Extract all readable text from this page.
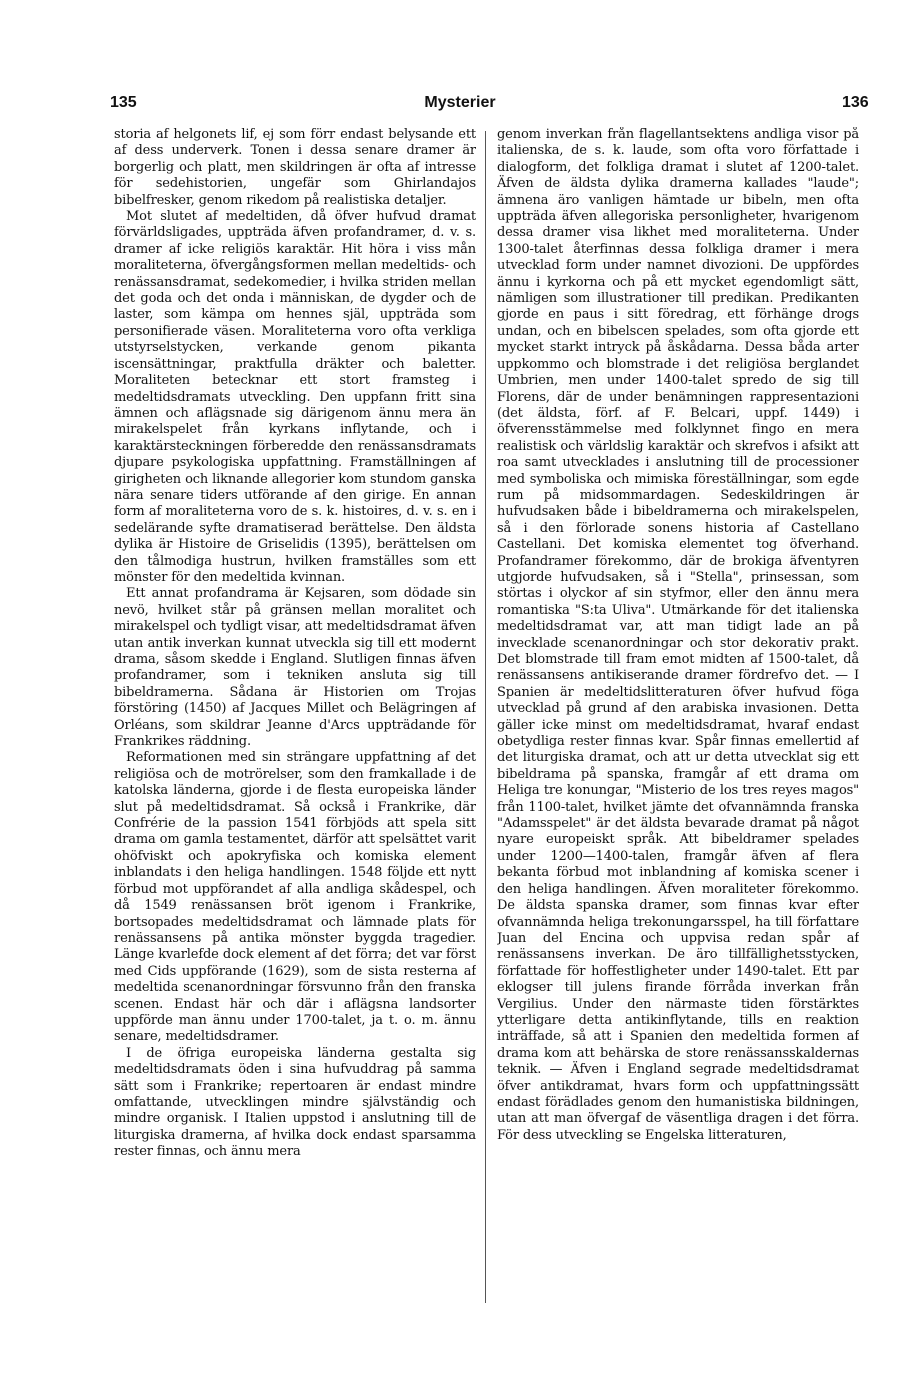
135	Mysterier	136

storia af helgonets lif, ej som förr endast belysande ett af dess underverk. Tonen i dessa senare dramer är borgerlig och platt, men skildringen är ofta af intresse för sedehistorien, ungefär som Ghirlandajos bibelfresker, genom rikedom på realistiska detaljer.

Mot slutet af medeltiden, då öfver hufvud dramat förvärldsligades, uppträda äfven profandramer, d. v. s. dramer af icke religiös karaktär. Hit höra i viss mån moraliteterna, öfvergångsformen mellan medeltids- och renässansdramat, sedekomedier, i hvilka striden mellan det goda och det onda i människan, de dygder och de laster, som kämpa om hennes själ, uppträda som personifierade väsen. Moraliteterna voro ofta verkliga utstyrselstycken, verkande genom pikanta iscensättningar, praktfulla dräkter och baletter. Moraliteten betecknar ett stort framsteg i medeltidsdramats utveckling. Den uppfann fritt sina ämnen och aflägsnade sig därigenom ännu mera än mirakelspelet från kyrkans inflytande, och i karaktärsteckningen förberedde den renässansdramats djupare psykologiska uppfattning. Framställningen af girigheten och liknande allegorier kom stundom ganska nära senare tiders utförande af den girige. En annan form af moraliteterna voro de s. k. histoires, d. v. s. en i sedelärande syfte dramatiserad berättelse. Den äldsta dylika är Histoire de Griselidis (1395), berättelsen om den tålmodiga hustrun, hvilken framställes som ett mönster för den medeltida kvinnan.

Ett annat profandrama är Kejsaren, som dödade sin nevö, hvilket står på gränsen mellan moralitet och mirakelspel och tydligt visar, att medeltidsdramat äfven utan antik inverkan kunnat utveckla sig till ett modernt drama, såsom skedde i England. Slutligen finnas äfven profandramer, som i tekniken ansluta sig till bibeldramerna. Sådana är Historien om Trojas förstöring (1450) af Jacques Millet och Belägringen af Orléans, som skildrar Jeanne d'Arcs uppträdande för Frankrikes räddning.

Reformationen med sin strängare uppfattning af det religiösa och de motrörelser, som den framkallade i de katolska länderna, gjorde i de flesta europeiska länder slut på medeltidsdramat. Så också i Frankrike, där Confrérie de la passion 1541 förbjöds att spela sitt drama om gamla testamentet, därför att spelsättet varit ohöfviskt och apokryfiska och komiska element inblandats i den heliga handlingen. 1548 följde ett nytt förbud mot uppförandet af alla andliga skådespel, och då 1549 renässansen bröt igenom i Frankrike, bortsopades medeltidsdramat och lämnade plats för renässansens på antika mönster byggda tragedier. Länge kvarlefde dock element af det förra; det var först med Cids uppförande (1629), som de sista resterna af medeltida scenanordningar försvunno från den franska scenen. Endast här och där i aflägsna landsorter uppförde man ännu under 1700-talet, ja t. o. m. ännu senare, medeltidsdramer.

I de öfriga europeiska länderna gestalta sig medeltidsdramats öden i sina hufvuddrag på samma sätt som i Frankrike; repertoaren är endast mindre omfattande, utvecklingen mindre självständig och mindre organisk. I Italien uppstod i anslutning till de liturgiska dramerna, af hvilka dock endast sparsamma rester finnas, och ännu mera

genom inverkan från flagellantsektens andliga visor på italienska, de s. k. laude, som ofta voro författade i dialogform, det folkliga dramat i slutet af 1200-talet. Äfven de äldsta dylika dramerna kallades "laude"; ämnena äro vanligen hämtade ur bibeln, men ofta uppträda äfven allegoriska personligheter, hvarigenom dessa dramer visa likhet med moraliteterna. Under 1300-talet återfinnas dessa folkliga dramer i mera utvecklad form under namnet divozioni. De uppfördes ännu i kyrkorna och på ett mycket egendomligt sätt, nämligen som illustrationer till predikan. Predikanten gjorde en paus i sitt föredrag, ett förhänge drogs undan, och en bibelscen spelades, som ofta gjorde ett mycket starkt intryck på åskådarna. Dessa båda arter uppkommo och blomstrade i det religiösa berglandet Umbrien, men under 1400-talet spredo de sig till Florens, där de under benämningen rappresentazioni (det äldsta, förf. af F. Belcari, uppf. 1449) i öfverensstämmelse med folklynnet fingo en mera realistisk och världslig karaktär och skrefvos i afsikt att roa samt utvecklades i anslutning till de processioner med symboliska och mimiska föreställningar, som egde rum på midsommardagen. Sedeskildringen är hufvudsaken både i bibeldramerna och mirakelspelen, så i den förlorade sonens historia af Castellano Castellani. Det komiska elementet tog öfverhand. Profandramer förekommo, där de brokiga äfventyren utgjorde hufvudsaken, så i "Stella", prinsessan, som störtas i olyckor af sin styfmor, eller den ännu mera romantiska "S:ta Uliva". Utmärkande för det italienska medeltidsdramat var, att man tidigt lade an på invecklade scenanordningar och stor dekorativ prakt. Det blomstrade till fram emot midten af 1500-talet, då renässansens antikiserande dramer fördrefvo det. — I Spanien är medeltidslitteraturen öfver hufvud föga utvecklad på grund af den arabiska invasionen. Detta gäller icke minst om medeltidsdramat, hvaraf endast obetydliga rester finnas kvar. Spår finnas emellertid af det liturgiska dramat, och att ur detta utvecklat sig ett bibeldrama på spanska, framgår af ett drama om Heliga tre konungar, "Misterio de los tres reyes magos" från 1100-talet, hvilket jämte det ofvannämnda franska "Adamsspelet" är det äldsta bevarade dramat på något nyare europeiskt språk. Att bibeldramer spelades under 1200—1400-talen, framgår äfven af flera bekanta förbud mot inblandning af komiska scener i den heliga handlingen. Äfven moraliteter förekommo. De äldsta spanska dramer, som finnas kvar efter ofvannämnda heliga trekonungarsspel, ha till författare Juan del Encina och uppvisa redan spår af renässansens inverkan. De äro tillfällighetsstycken, författade för hoffestligheter under 1490-talet. Ett par eklogser till julens firande förråda inverkan från Vergilius. Under den närmaste tiden förstärktes ytterligare detta antikinflytande, tills en reaktion inträffade, så att i Spanien den medeltida formen af drama kom att behärska de store renässansskaldernas teknik. — Äfven i England segrade medeltidsdramat öfver antikdramat, hvars form och uppfattningssätt endast förädlades genom den humanistiska bildningen, utan att man öfvergaf de väsentliga dragen i det förra. För dess utveckling se Engelska litteraturen,
